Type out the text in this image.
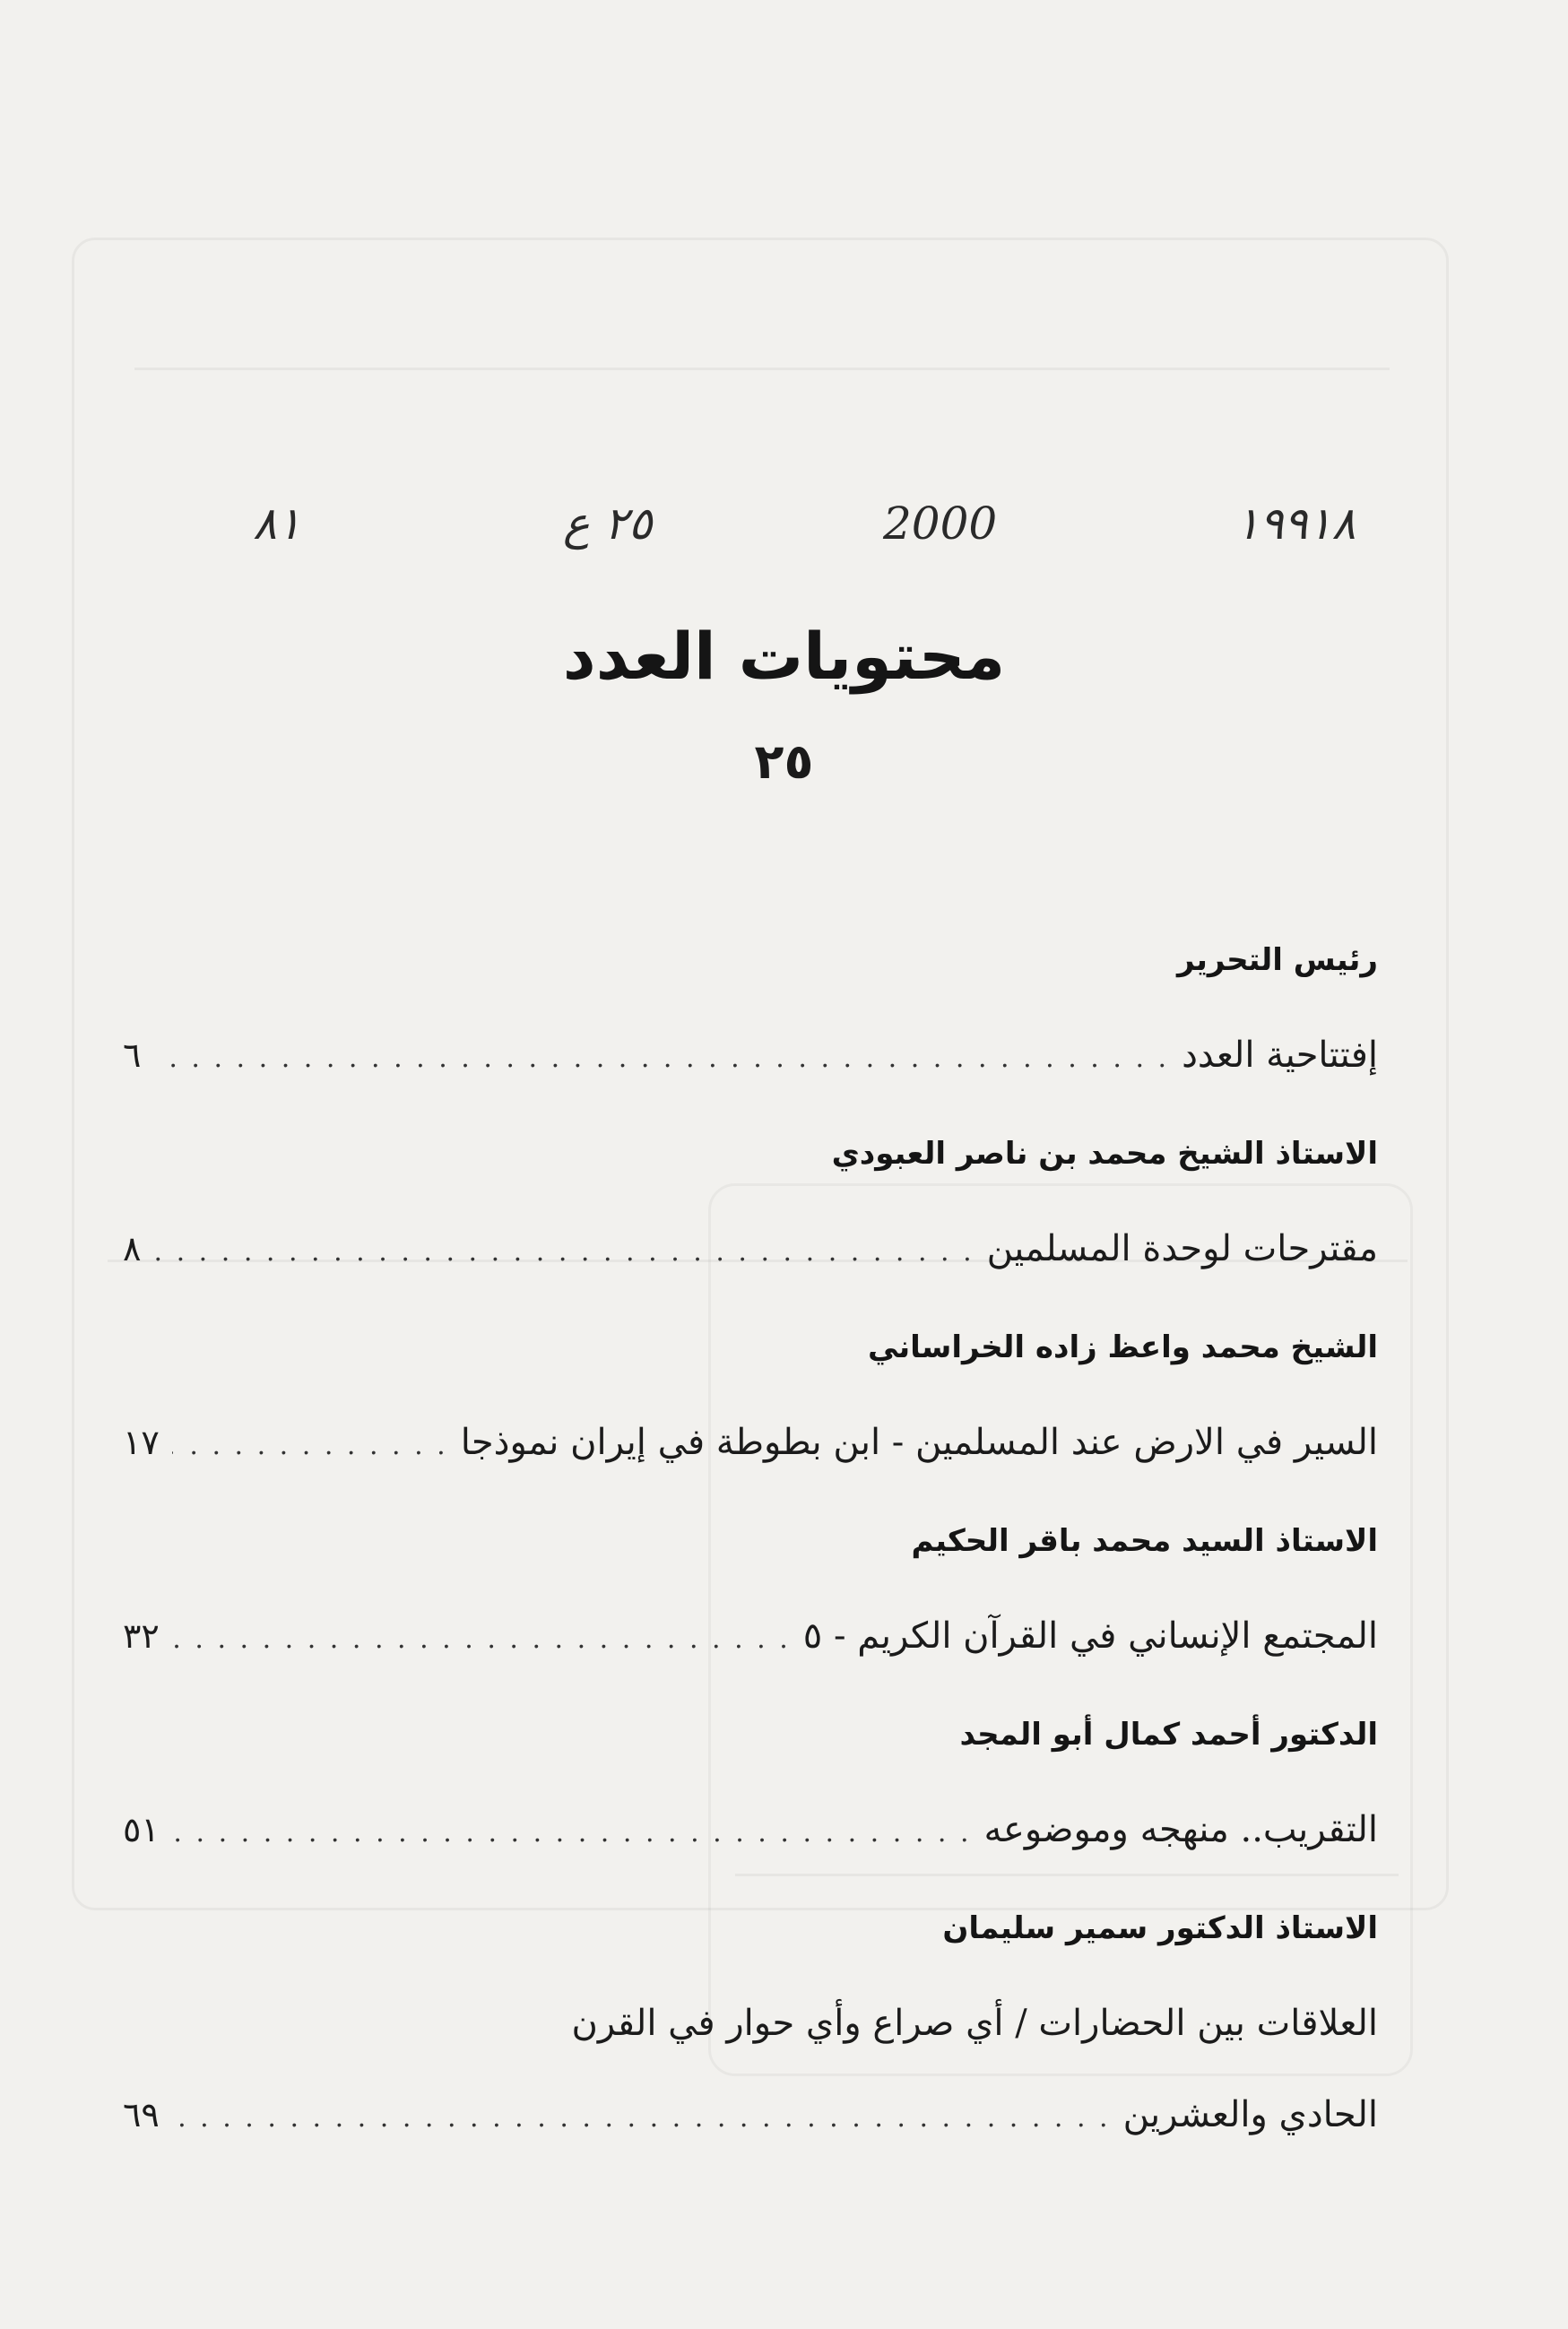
١٩٩١٨
2000
٢٥ ع
٨١
محتويات العدد
٢٥
رئيس التحرير
إفتتاحية العدد
. . .
٦
الاستاذ الشيخ محمد بن ناصر العبودي
مقترحات لوحدة المسلمين
. . .
٨
الشيخ محمد واعظ زاده الخراساني
السير في الارض عند المسلمين - ابن بطوطة في إيران نموذجا
. . .
١٧
الاستاذ السيد محمد باقر الحكيم
المجتمع الإنساني في القرآن الكريم - ٥
. . .
٣٢
الدكتور أحمد كمال أبو المجد
التقريب.. منهجه وموضوعه
. . .
٥١
الاستاذ الدكتور سمير سليمان
العلاقات بين الحضارات / أي صراع وأي حوار في القرن
الحادي والعشرين
. . .
٦٩
